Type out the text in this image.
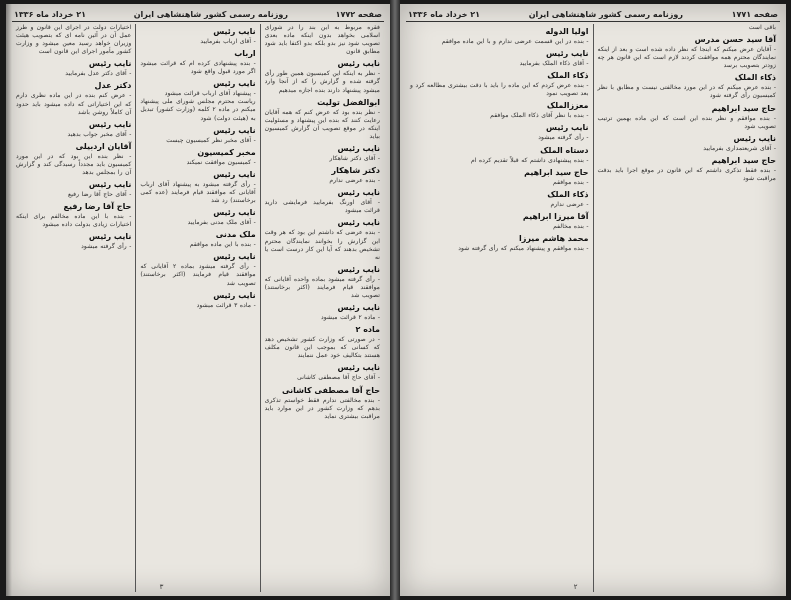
صفحه ۱۷۷۲
روزنامه رسمی کشور شاهنشاهی ایران
۲۱ خرداد ماه ۱۳۳۶
فقره مربوط به این بند را در شورای اسلامی بخواهد بدون اینکه ماده بعدی تصویب شود نیز بدو بلکه بدو اکتفا باید شود مطابق قانون
نایب رئیس
- نظر به اینکه این کمیسیون همین طور رأی گرفته شده و گزارش را که از آنجا وارد میشود پیشنهاد دارند بنده اجازه میدهیم
ابوالفضل تولیت
- نظر بنده بود که عرض کنم که همه آقایان رعایت کنند که بنده این پیشنهاد و مسئولیت اینکه در موقع تصویب آن گزارش کمیسیون بیاید
نایب رئیس
- آقای دکتر شاهکار
دکتر شاهکار
- بنده عرضی ندارم
نایب رئیس
- آقای اورنگ بفرمایید فرمایشی دارید قرائت میشود
نایب رئیس
- بنده عرضی که داشتم این بود که هر وقت این گزارش را بخوانند نمایندگان محترم تشخیص بدهند که آیا این کار درست است یا نه
نایب رئیس
- رأی گرفته میشود بماده واحده آقایانی که موافقند قیام فرمایند (اکثر برخاستند) تصویب شد
نایب رئیس
- ماده ۲ قرائت میشود
ماده ۲
- در صورتی که وزارت کشور تشخیص دهد که کسانی که بموجب این قانون مکلف هستند بتکالیف خود عمل ننمایند
نایب رئیس
- آقای حاج آقا مصطفی کاشانی
حاج آقا مصطفی کاشانی
- بنده مخالفتی ندارم فقط خواستم تذکری بدهم که وزارت کشور در این موارد باید مراقبت بیشتری نماید
نایب رئیس
- آقای ارباب بفرمایید
ارباب
- بنده پیشنهادی کرده ام که قرائت میشود اگر مورد قبول واقع شود
نایب رئیس
- پیشنهاد آقای ارباب قرائت میشود
ریاست محترم مجلس شورای ملی پیشنهاد میکنم در ماده ۲ کلمه (وزارت کشور) تبدیل به (هیئت دولت) شود
نایب رئیس
- آقای مخبر نظر کمیسیون چیست
مخبر کمیسیون
- کمیسیون موافقت نمیکند
نایب رئیس
- رأی گرفته میشود به پیشنهاد آقای ارباب آقایانی که موافقند قیام فرمایند (عده کمی برخاستند) رد شد
نایب رئیس
- آقای ملک مدنی بفرمایید
ملک مدنی
- بنده با این ماده موافقم
نایب رئیس
- رأی گرفته میشود بماده ۲ آقایانی که موافقند قیام فرمایند (اکثر برخاستند) تصویب شد
نایب رئیس
- ماده ۳ قرائت میشود
اختیارات دولت در اجرای این قانون و طرز عمل آن در آئین نامه ای که بتصویب هیئت وزیران خواهد رسید معین میشود و وزارت کشور مأمور اجرای این قانون است
نایب رئیس
- آقای دکتر عدل بفرمایید
دکتر عدل
- عرض کنم بنده در این ماده نظری دارم که این اختیاراتی که داده میشود باید حدود آن کاملاً روشن باشد
نایب رئیس
- آقای مخبر جواب بدهید
آقایان اردبیلی
- نظر بنده این بود که در این مورد کمیسیون باید مجدداً رسیدگی کند و گزارش آن را بمجلس بدهد
نایب رئیس
- آقای حاج آقا رضا رفیع
حاج آقا رضا رفیع
- بنده با این ماده مخالفم برای اینکه اختیارات زیادی بدولت داده میشود
نایب رئیس
- رأی گرفته میشود
۳
صفحه ۱۷۷۱
روزنامه رسمی کشور شاهنشاهی ایران
۲۱ خرداد ماه ۱۳۳۶
باقی است
آقا سید حسن مدرس
- آقایان عرض میکنم که اینجا که نظر داده شده است و بعد از اینکه نمایندگان محترم همه موافقت کردند لازم است که این قانون هر چه زودتر بتصویب برسد
ذکاء الملک
- بنده عرض میکنم که در این مورد مخالفتی نیست و مطابق با نظر کمیسیون رأی گرفته شود
حاج سید ابراهیم
- بنده موافقم و نظر بنده این است که این ماده بهمین ترتیب تصویب شود
نایب رئیس
- آقای شریعتمداری بفرمایید
حاج سید ابراهیم
- بنده فقط تذکری داشتم که این قانون در موقع اجرا باید بدقت مراقبت شود
اولیا الدوله
- بنده در این قسمت عرضی ندارم و با این ماده موافقم
نایب رئیس
- آقای ذکاء الملک بفرمایید
ذکاء الملک
- بنده عرض کردم که این ماده را باید با دقت بیشتری مطالعه کرد و بعد تصویب نمود
معززالملک
- بنده با نظر آقای ذکاء الملک موافقم
نایب رئیس
- رأی گرفته میشود
دستاه الملک
- بنده پیشنهادی داشتم که قبلاً تقدیم کرده ام
حاج سید ابراهیم
- بنده موافقم
ذکاء الملک
- عرضی ندارم
آقا میرزا ابراهیم
- بنده مخالفم
محمد هاشم میرزا
- بنده موافقم و پیشنهاد میکنم که رأی گرفته شود
۲
